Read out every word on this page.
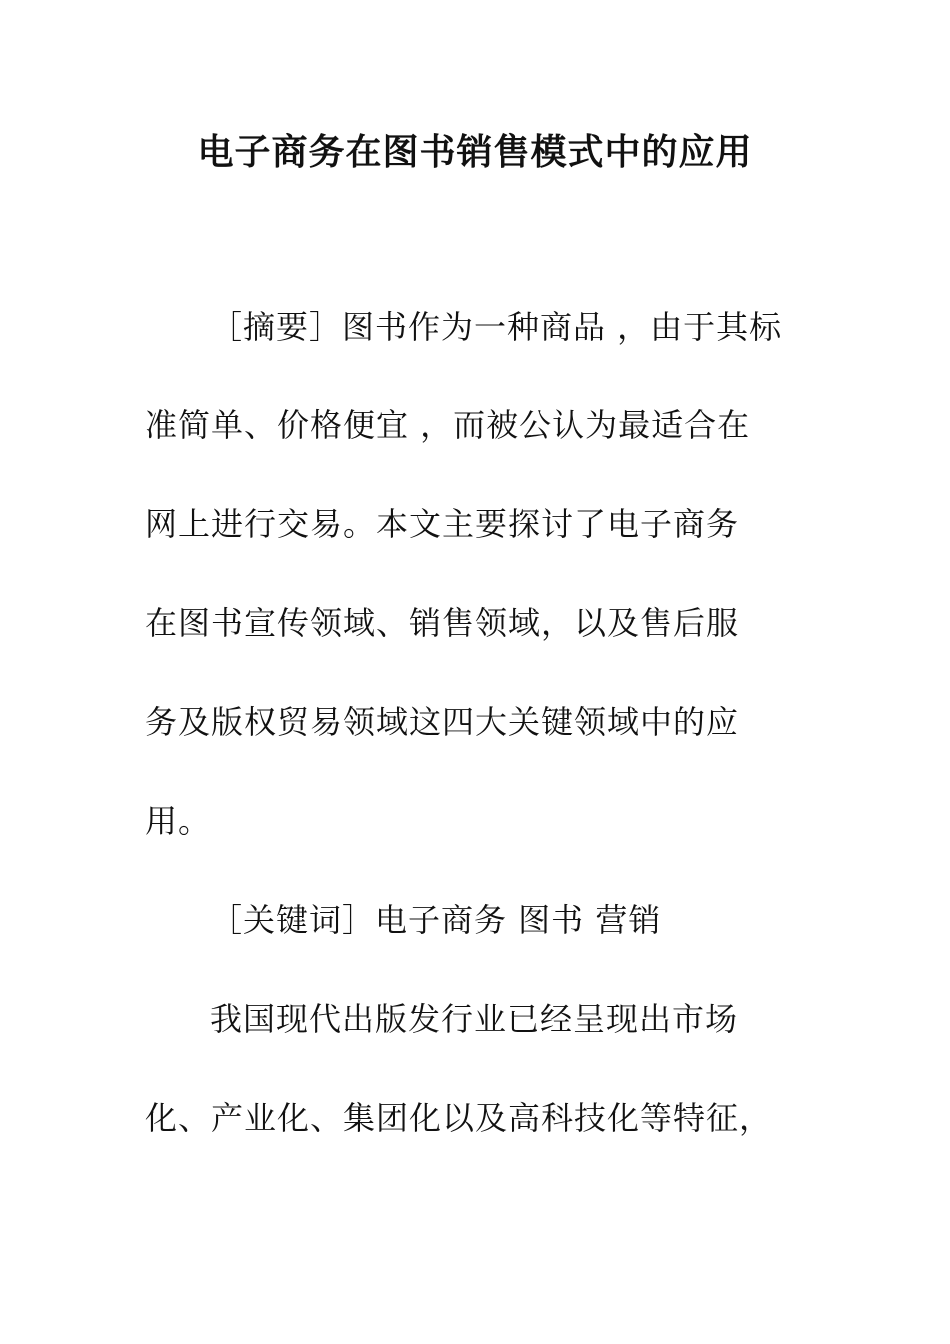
电子商务在图书销售模式中的应用
［摘要］图书作为一种商品 ，由于其标
准简单、价格便宜 ，而被公认为最适合在
网上进行交易。本文主要探讨了电子商务
在图书宣传领域、销售领域，以及售后服
务及版权贸易领域这四大关键领域中的应
用。
［关键词］电子商务 图书 营销
我国现代出版发行业已经呈现出市场
化、产业化、集团化以及高科技化等特征，
